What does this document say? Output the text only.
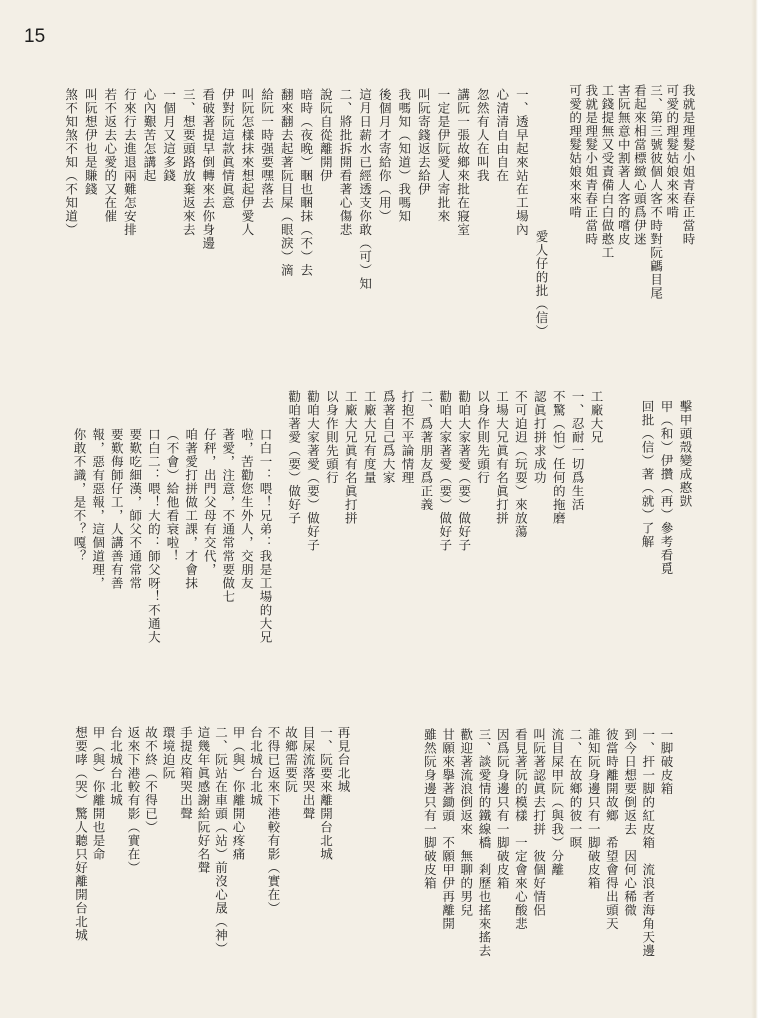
15
我就是理髮小姐青春正當時
可愛的理髮姑娘來來啃
三、第三號彼個人客不時對阮騗目尾
看起來相當標緻心頭爲伊迷
害阮無意中割著人客的嚐皮
工錢提無又受責備白白做憨工
我就是理髮小姐青春正當時
可愛的理髮姑娘來來啃
擊甲頭殼變成憨獃
甲（和）伊攢（再）參考看覓
回批（信）著（就）了解
愛人仔的批（信）
一、透早起來站在工場內
心清清自由自在
忽然有人在叫我
講阮一張故鄉來批在寢室
一定是伊阮愛人寄批來
叫阮寄錢返去給伊
我嗎知（知道）我嗎知
後個月才寄給你（用）
這月日薪水已經透支你敢（可）知
二、將批拆開看著心傷悲
說阮自從離開伊
暗時（夜晚）睏也睏抹（不）去
翻來翻去起著阮目屎（眼淚）滴
給阮一時强要嘿落去
叫阮怎樣抹來想起伊愛人
伊對阮這款眞情眞意
看破著提早倒轉來去你身邊
三、想要頭路放棄返來去
一個月又這多錢
心內艱苦怎講起
行來行去進退兩難怎安排
若不返去心愛的又在催
叫阮想伊也是賺錢
煞不知煞不知（不知道）
工廠大兄
一、忍耐一切爲生活
不驚（怕）任何的拖磨
認眞打拼求成功
不可迫迌（玩耍）來放蕩
工場大兄眞有名眞打拼
以身作則先頭行
勸咱大家著愛（要）做好子
勸咱大家著愛（要）做好子
二、爲著朋友爲正義
打抱不平論情理
爲著自己爲大家
工廠大兄有度量
工廠大兄眞有名眞打拼
以身作則先頭行
勸咱大家著愛（要）做好子
勸咱著愛（要）做好子
口白一：喂！兄弟：我是工場的大兄
啦，苦勸您生外人，交朋友
著愛，注意，不通常常要做七
仔秤，出門父母有交代，
咱著愛打拼做工課，才會抹
（不會）給他看衰啦！
口白二：喂！大的：師父呀！不通大
要歎吃細漢，師父不通常常
要歎侮師仔工，人講善有善
報，惡有惡報，這個道理，
你敢不識，是不？嘎？
一脚破皮箱
一、扞一脚的紅皮箱　流浪者海角天邊
到今日想要倒返去　因何心稀微
彼當時離開故鄉　希望會得出頭天
誰知阮身邊只有一脚破皮箱
二、在故鄉的彼一暝
流目屎甲阮（與我）分離
叫阮著認眞去打拼　彼個好情侶
看見著阮的模樣　一定會來心酸悲
因爲阮身邊只有一脚破皮箱
三、談愛情的鐵線橋　剎歷也搖來搖去
歡迎著流浪倒返來　無聊的男兒
甘願來擧著鋤頭　不願甲伊再離開
雖然阮身邊只有一脚破皮箱
再見台北城
一、阮要來離開台北城
目屎流落哭出聲
故鄉需要阮
不得已返來下港較有影（實在）
台北城台北城
甲（與）你離開心疼痛
二、阮站在車頭（站）前沒心晟（神）
這幾年眞感謝給阮好名聲
手提皮箱哭出聲
環境迫阮
故不終（不得已）
返來下港較有影（實在）
台北城台北城
甲（與）你離開也是命
想要哮（哭）驚人聽只好離開台北城
